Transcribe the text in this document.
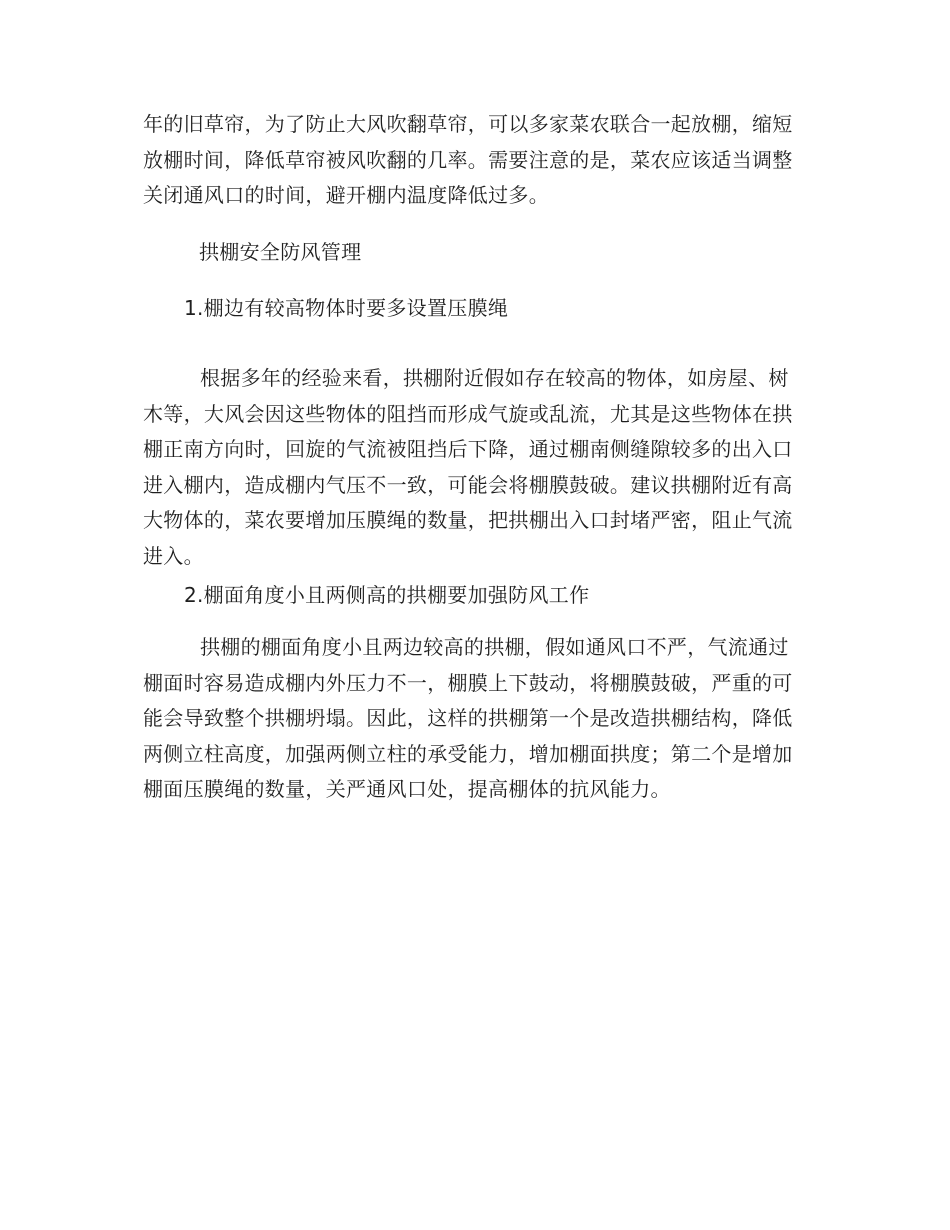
年的旧草帘，为了防止大风吹翻草帘，可以多家菜农联合一起放棚，缩短放棚时间，降低草帘被风吹翻的几率。需要注意的是，菜农应该适当调整关闭通风口的时间，避开棚内温度降低过多。

拱棚安全防风管理

1.棚边有较高物体时要多设置压膜绳

根据多年的经验来看，拱棚附近假如存在较高的物体，如房屋、树木等，大风会因这些物体的阻挡而形成气旋或乱流，尤其是这些物体在拱棚正南方向时，回旋的气流被阻挡后下降，通过棚南侧缝隙较多的出入口进入棚内，造成棚内气压不一致，可能会将棚膜鼓破。建议拱棚附近有高大物体的，菜农要增加压膜绳的数量，把拱棚出入口封堵严密，阻止气流进入。

2.棚面角度小且两侧高的拱棚要加强防风工作

拱棚的棚面角度小且两边较高的拱棚，假如通风口不严，气流通过棚面时容易造成棚内外压力不一，棚膜上下鼓动，将棚膜鼓破，严重的可能会导致整个拱棚坍塌。因此，这样的拱棚第一个是改造拱棚结构，降低两侧立柱高度，加强两侧立柱的承受能力，增加棚面拱度；第二个是增加棚面压膜绳的数量，关严通风口处，提高棚体的抗风能力。
